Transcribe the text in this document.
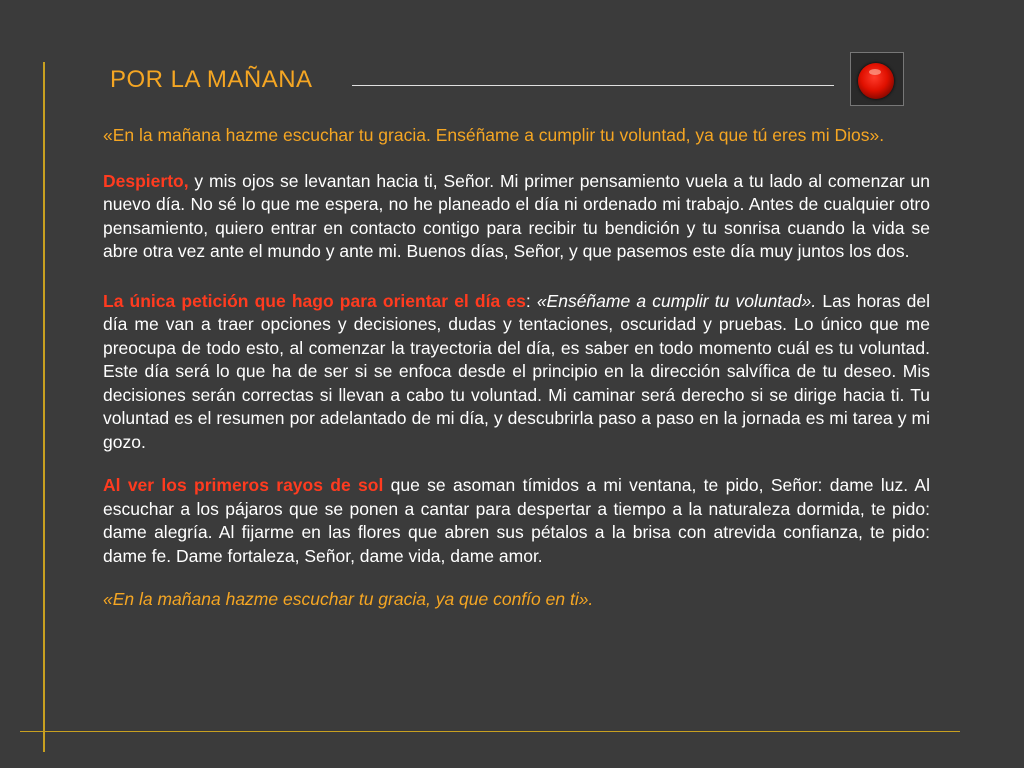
POR LA MAÑANA

«En la mañana hazme escuchar tu gracia. Enséñame a cumplir tu voluntad, ya que tú eres mi Dios».

Despierto, y mis ojos se levantan hacia ti, Señor. Mi primer pensamiento vuela a tu lado al comenzar un nuevo día. No sé lo que me espera, no he planeado el día ni ordenado mi trabajo. Antes de cualquier otro pensamiento, quiero entrar en contacto contigo para recibir tu bendición y tu sonrisa cuando la vida se abre otra vez ante el mundo y ante mi. Buenos días, Señor, y que pasemos este día muy juntos los dos.

La única petición que hago para orientar el día es: «Enséñame a cumplir tu voluntad». Las horas del día me van a traer opciones y decisiones, dudas y tentaciones, oscuridad y pruebas. Lo único que me preocupa de todo esto, al comenzar la trayectoria del día, es saber en todo momento cuál es tu voluntad. Este día será lo que ha de ser si se enfoca desde el principio en la dirección salvífica de tu deseo. Mis decisiones serán correctas si llevan a cabo tu voluntad. Mi caminar será derecho si se dirige hacia ti. Tu voluntad es el resumen por adelantado de mi día, y descubrirla paso a paso en la jornada es mi tarea y mi gozo.

Al ver los primeros rayos de sol que se asoman tímidos a mi ventana, te pido, Señor: dame luz. Al escuchar a los pájaros que se ponen a cantar para despertar a tiempo a la naturaleza dormida, te pido: dame alegría. Al fijarme en las flores que abren sus pétalos a la brisa con atrevida confianza, te pido: dame fe. Dame fortaleza, Señor, dame vida, dame amor.

«En la mañana hazme escuchar tu gracia, ya que confío en ti».
